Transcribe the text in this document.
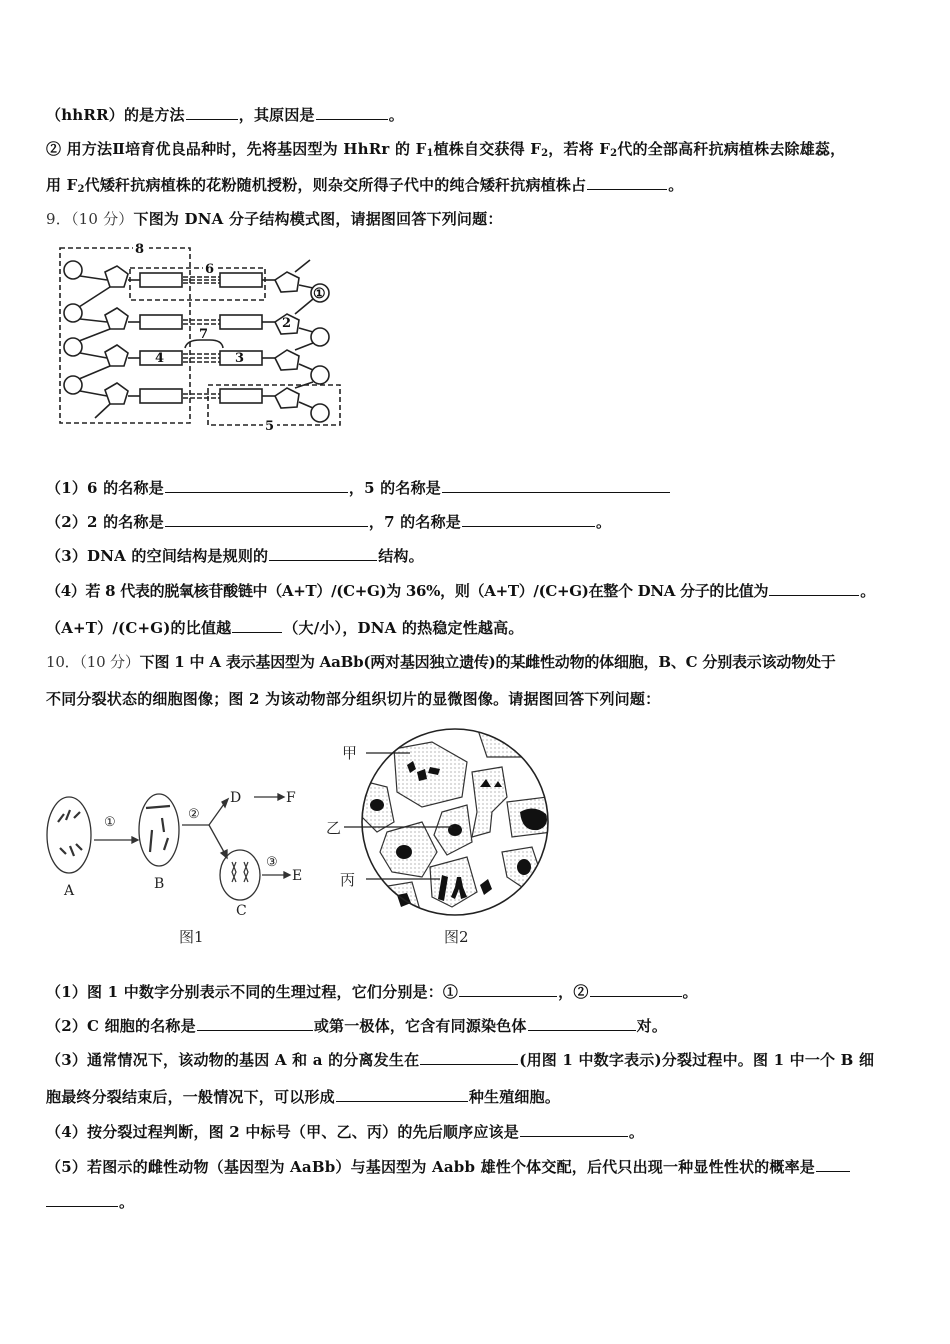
（hhRR）的是方法	，其原因是	。
② 用方法Ⅱ培育优良品种时，先将基因型为 HhRr 的 $F_1$植株自交获得 $F_2$，若将 $F_2$代的全部高秆抗病植株去除雄蕊，
用 $F_2$代矮秆抗病植株的花粉随机授粉，则杂交所得子代中的纯合矮秆抗病植株占	。
9．（10 分）下图为 DNA 分子结构模式图，请据图回答下列问题：
8
6
①
2
7
4	3
5
（1）6 的名称是	，5 的名称是
（2）2 的名称是	，7 的名称是	。
（3）DNA 的空间结构是规则的	结构。
（4）若 8 代表的脱氧核苷酸链中（A+T）/(C+G)为 36%，则（A+T）/(C+G)在整个 DNA 分子的比值为	。
（A+T）/(C+G)的比值越	（大/小），DNA 的热稳定性越高。
10．（10 分）下图 1 中 A 表示基因型为 AaBb(两对基因独立遗传)的某雌性动物的体细胞，B、C 分别表示该动物处于
不同分裂状态的细胞图像；图 2 为该动物部分组织切片的显微图像。请据图回答下列问题：
A	B
C
①
②
③
D	F
E
图1
甲
乙
丙
图2
（1）图 1 中数字分别表示不同的生理过程，它们分别是：①	，②	。
（2）C 细胞的名称是	或第一极体，它含有同源染色体	对。
（3）通常情况下，该动物的基因 A 和 a 的分离发生在	(用图 1 中数字表示)分裂过程中。图 1 中一个 B 细
胞最终分裂结束后，一般情况下，可以形成	种生殖细胞。
（4）按分裂过程判断，图 2 中标号（甲、乙、丙）的先后顺序应该是	。
（5）若图示的雌性动物（基因型为 AaBb）与基因型为 Aabb 雄性个体交配，后代只出现一种显性性状的概率是
。
